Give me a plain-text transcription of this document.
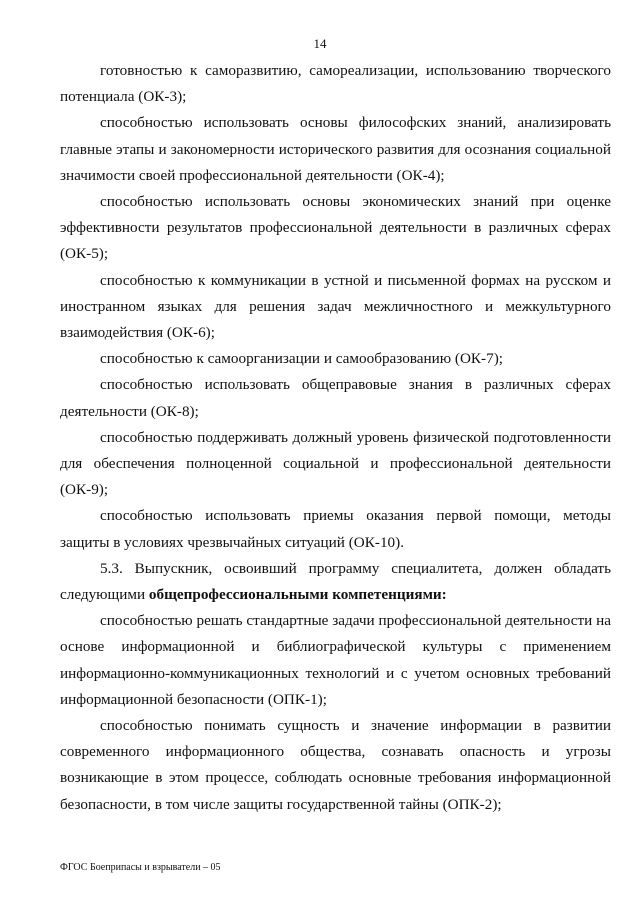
14

готовностью к саморазвитию, самореализации, использованию творческого потенциала (ОК-3);

способностью использовать основы философских знаний, анализировать главные этапы и закономерности исторического развития для осознания социальной значимости своей профессиональной деятельности (ОК-4);

способностью использовать основы экономических знаний при оценке эффективности результатов профессиональной деятельности в различных сферах (ОК-5);

способностью к коммуникации в устной и письменной формах на русском и иностранном языках для решения задач межличностного и межкультурного взаимодействия (ОК-6);

способностью к самоорганизации и самообразованию (ОК-7);

способностью использовать общеправовые знания в различных сферах деятельности (ОК-8);

способностью поддерживать должный уровень физической подготовленности для обеспечения полноценной социальной и профессиональной деятельности (ОК-9);

способностью использовать приемы оказания первой помощи, методы защиты в условиях чрезвычайных ситуаций (ОК-10).

5.3. Выпускник, освоивший программу специалитета, должен обладать следующими общепрофессиональными компетенциями:

способностью решать стандартные задачи профессиональной деятельности на основе информационной и библиографической культуры с применением информационно-коммуникационных технологий и с учетом основных требований информационной безопасности (ОПК-1);

способностью понимать сущность и значение информации в развитии современного информационного общества, сознавать опасность и угрозы возникающие в этом процессе, соблюдать основные требования информационной безопасности, в том числе защиты государственной тайны (ОПК-2);

ФГОС Боеприпасы и взрыватели – 05
